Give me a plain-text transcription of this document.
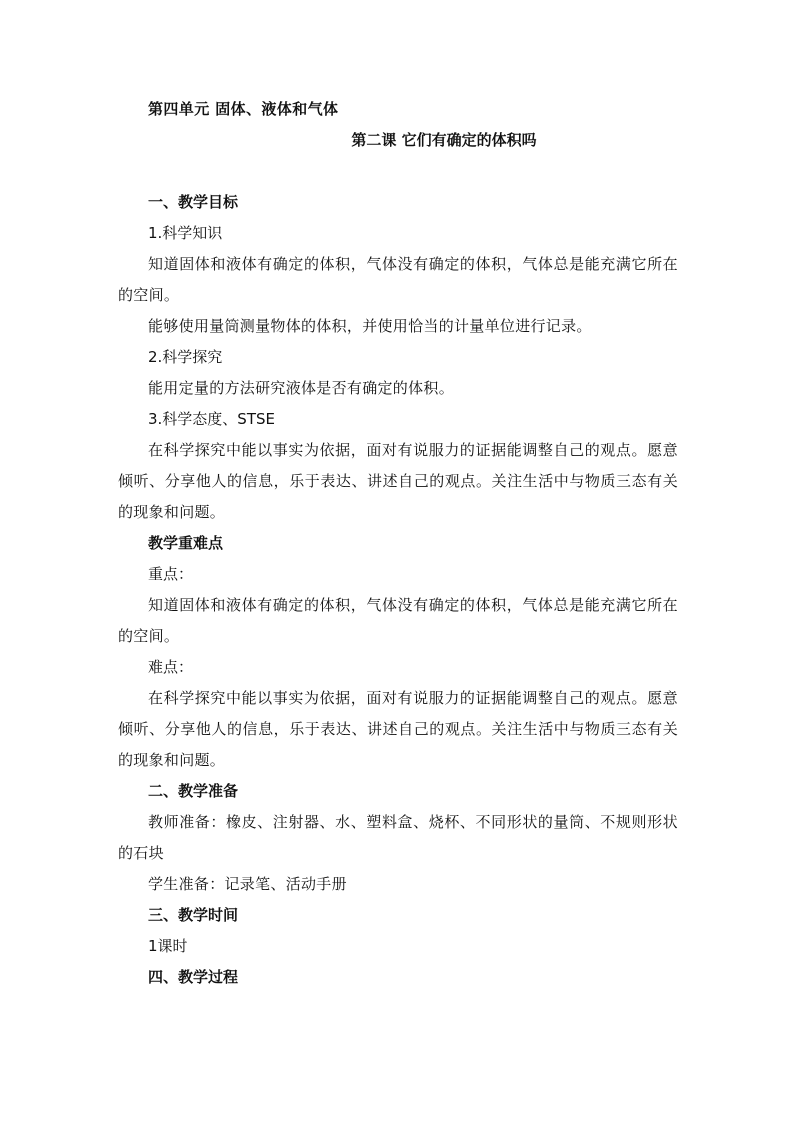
第四单元 固体、液体和气体

第二课 它们有确定的体积吗

一、教学目标

1.科学知识

知道固体和液体有确定的体积，气体没有确定的体积，气体总是能充满它所在的空间。

能够使用量筒测量物体的体积，并使用恰当的计量单位进行记录。

2.科学探究

能用定量的方法研究液体是否有确定的体积。

3.科学态度、STSE

在科学探究中能以事实为依据，面对有说服力的证据能调整自己的观点。愿意倾听、分享他人的信息，乐于表达、讲述自己的观点。关注生活中与物质三态有关的现象和问题。

教学重难点

重点：

知道固体和液体有确定的体积，气体没有确定的体积，气体总是能充满它所在的空间。

难点：

在科学探究中能以事实为依据，面对有说服力的证据能调整自己的观点。愿意倾听、分享他人的信息，乐于表达、讲述自己的观点。关注生活中与物质三态有关的现象和问题。

二、教学准备

教师准备：橡皮、注射器、水、塑料盒、烧杯、不同形状的量筒、不规则形状的石块

学生准备：记录笔、活动手册

三、教学时间

1课时

四、教学过程
